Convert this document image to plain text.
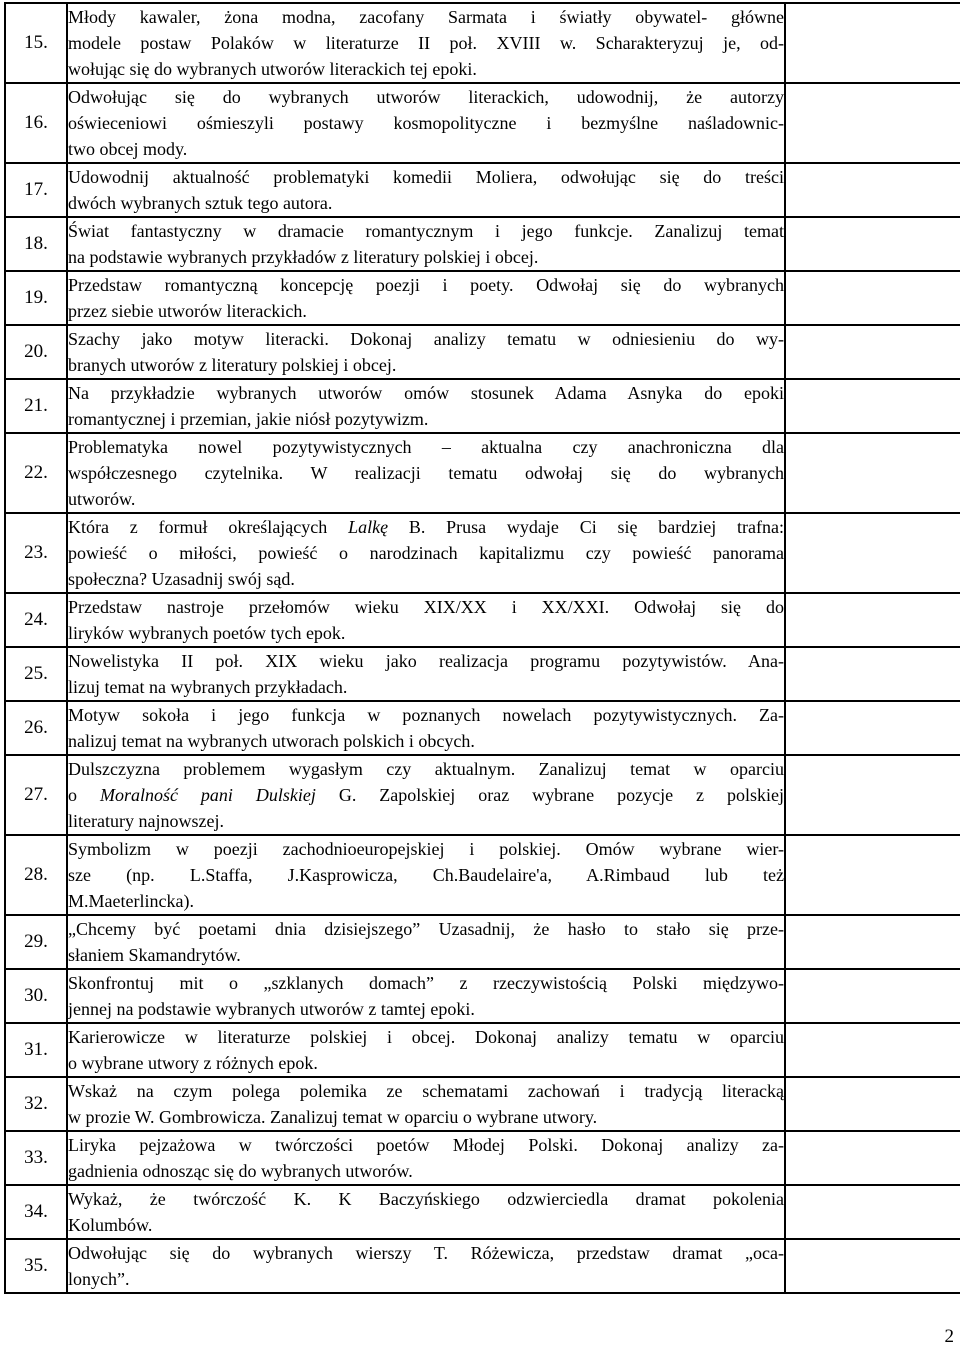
15.	Młody kawaler, żona modna, zacofany Sarmata i światły obywatel- główne

modele postaw Polaków w literaturze II poł. XVIII w. Scharakteryzuj je, od-

wołując się do wybranych utworów literackich tej epoki.	

16.	Odwołując się do wybranych utworów literackich, udowodnij, że autorzy

oświeceniowi ośmieszyli postawy kosmopolityczne i bezmyślne naśladownic-

two obcej mody.	

17.	Udowodnij aktualność problematyki komedii Moliera, odwołując się do treści

dwóch wybranych sztuk tego autora.	

18.	Świat fantastyczny w dramacie romantycznym i jego funkcje. Zanalizuj temat

na podstawie wybranych przykładów z literatury polskiej i obcej.	

19.	Przedstaw romantyczną koncepcję poezji i poety. Odwołaj się do wybranych

przez siebie utworów literackich.	

20.	Szachy jako motyw literacki. Dokonaj analizy tematu w odniesieniu do wy-

branych utworów z literatury polskiej i obcej.	

21.	Na przykładzie wybranych utworów omów stosunek Adama Asnyka do epoki

romantycznej i przemian, jakie niósł pozytywizm.	

22.	Problematyka nowel pozytywistycznych – aktualna czy anachroniczna dla

współczesnego czytelnika. W realizacji tematu odwołaj się do wybranych

utworów.	

23.	Która z formuł określających Lalkę B. Prusa wydaje Ci się bardziej trafna:

powieść o miłości, powieść o narodzinach kapitalizmu czy powieść panorama

społeczna? Uzasadnij swój sąd.	

24.	Przedstaw nastroje przełomów wieku XIX/XX i XX/XXI. Odwołaj się do

liryków wybranych poetów tych epok.	

25.	Nowelistyka II poł. XIX wieku jako realizacja programu pozytywistów. Ana-

lizuj temat na wybranych przykładach.	

26.	Motyw sokoła i jego funkcja w poznanych nowelach pozytywistycznych. Za-

nalizuj temat na wybranych utworach polskich i obcych.	

27.	Dulszczyzna problemem wygasłym czy aktualnym. Zanalizuj temat w oparciu

o Moralność pani Dulskiej G. Zapolskiej oraz wybrane pozycje z polskiej

literatury najnowszej.	

28.	Symbolizm w poezji zachodnioeuropejskiej i polskiej. Omów wybrane wier-

sze (np. L.Staffa, J.Kasprowicza, Ch.Baudelaire'a, A.Rimbaud lub też

M.Maeterlincka).	

29.	„Chcemy być poetami dnia dzisiejszego” Uzasadnij, że hasło to stało się prze-

słaniem Skamandrytów.	

30.	Skonfrontuj mit o „szklanych domach” z rzeczywistością Polski międzywo-

jennej na podstawie wybranych utworów z tamtej epoki.	

31.	Karierowicze w literaturze polskiej i obcej. Dokonaj analizy tematu w oparciu

o wybrane utwory z różnych epok.	

32.	Wskaż na czym polega polemika ze schematami zachowań i tradycją literacką

w prozie W. Gombrowicza. Zanalizuj temat w oparciu o wybrane utwory.	

33.	Liryka pejzażowa w twórczości poetów Młodej Polski. Dokonaj analizy za-

gadnienia odnosząc się do wybranych utworów.	

34.	Wykaż, że twórczość K. K Baczyńskiego odzwierciedla dramat pokolenia

Kolumbów.	

35.	Odwołując się do wybranych wierszy T. Różewicza, przedstaw dramat „oca-

lonych”.	

2
